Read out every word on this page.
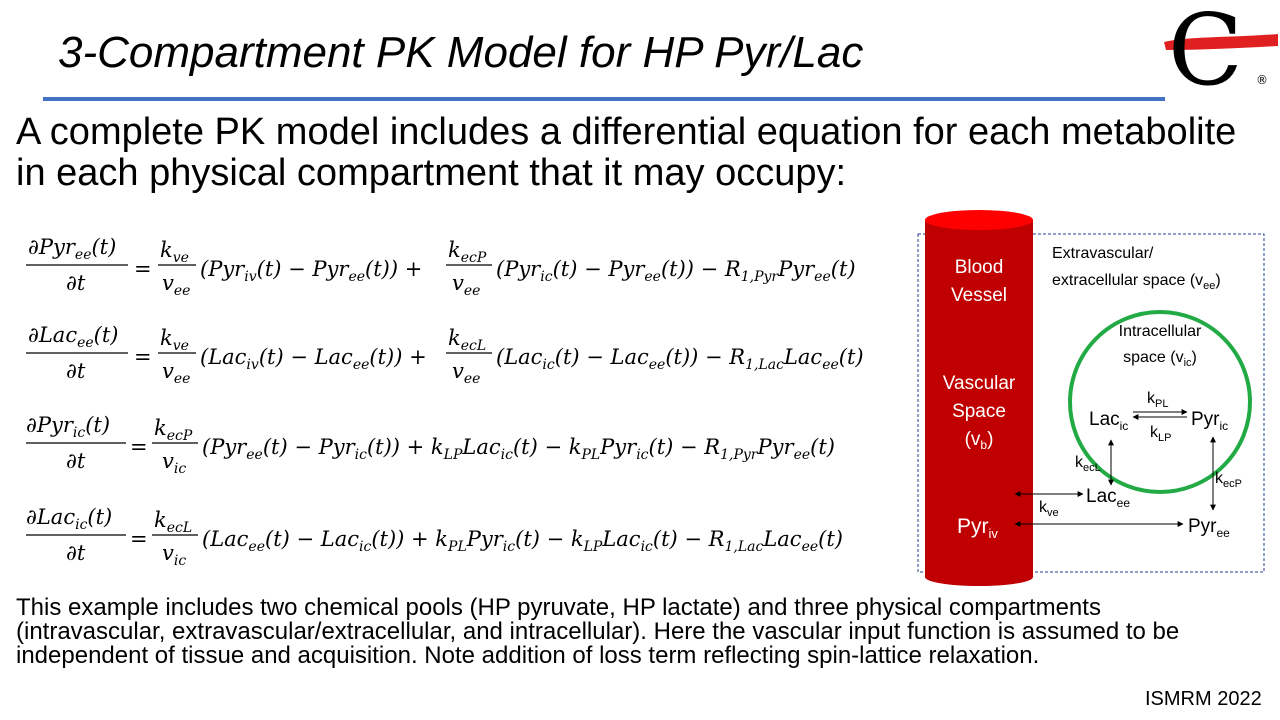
3-Compartment PK Model for HP Pyr/Lac	C ®
A complete PK model includes a differential equation for each metabolite in each physical compartment that it may occupy:
∂Pyr$_{ee}$(t)
∂t
=
$k_{ve}$
$v_{ee}$
(Pyr$_{iv}$(t) − Pyr$_{ee}$(t)) +
$k_{ecP}$
$v_{ee}$
$(Pyr_{ic}(t) - Pyr_{ee}(t)) - R_{1,Pyr}Pyr_{ee}(t)$
∂Lac$_{ee}$(t)
∂t
=
$k_{ve}$
$v_{ee}$
(Lac$_{iv}$(t) − Lac$_{ee}$(t)) +
$k_{ecL}$
$v_{ee}$
$(Lac_{ic}(t) - Lac_{ee}(t)) - R_{1,Lac}Lac_{ee}(t)$
∂Pyr$_{ic}$(t)
∂t
=
$k_{ecP}$
$v_{ic}$
$(Pyr_{ee}(t) - Pyr_{ic}(t)) + k_{LP}Lac_{ic}(t) - k_{PL}Pyr_{ic}(t) - R_{1,Pyr}Pyr_{ee}(t)$
∂Lac$_{ic}$(t)
∂t
=
$k_{ecL}$
$v_{ic}$
$(Lac_{ee}(t) - Lac_{ic}(t)) + k_{PL}Pyr_{ic}(t) - k_{LP}Lac_{ic}(t) - R_{1,Lac}Lac_{ee}(t)$
Blood
Vessel
Vascular
Space
$(v_b)$
Pyr$_{iv}$
Extravascular/
extracellular space $(v_{ee})$
Intracellular
space $(v_{ic})$
$k_{PL}$
$k_{LP}$
Lac$_{ic}$	Pyr$_{ic}$
$k_{ecL}$
Lac$_{ee}$
$k_{ecP}$
$k_{ve}$
Pyr$_{ee}$
This example includes two chemical pools (HP pyruvate, HP lactate) and three physical compartments (intravascular, extravascular/extracellular, and intracellular). Here the vascular input function is assumed to be independent of tissue and acquisition. Note addition of loss term reflecting spin-lattice relaxation.
ISMRM 2022
